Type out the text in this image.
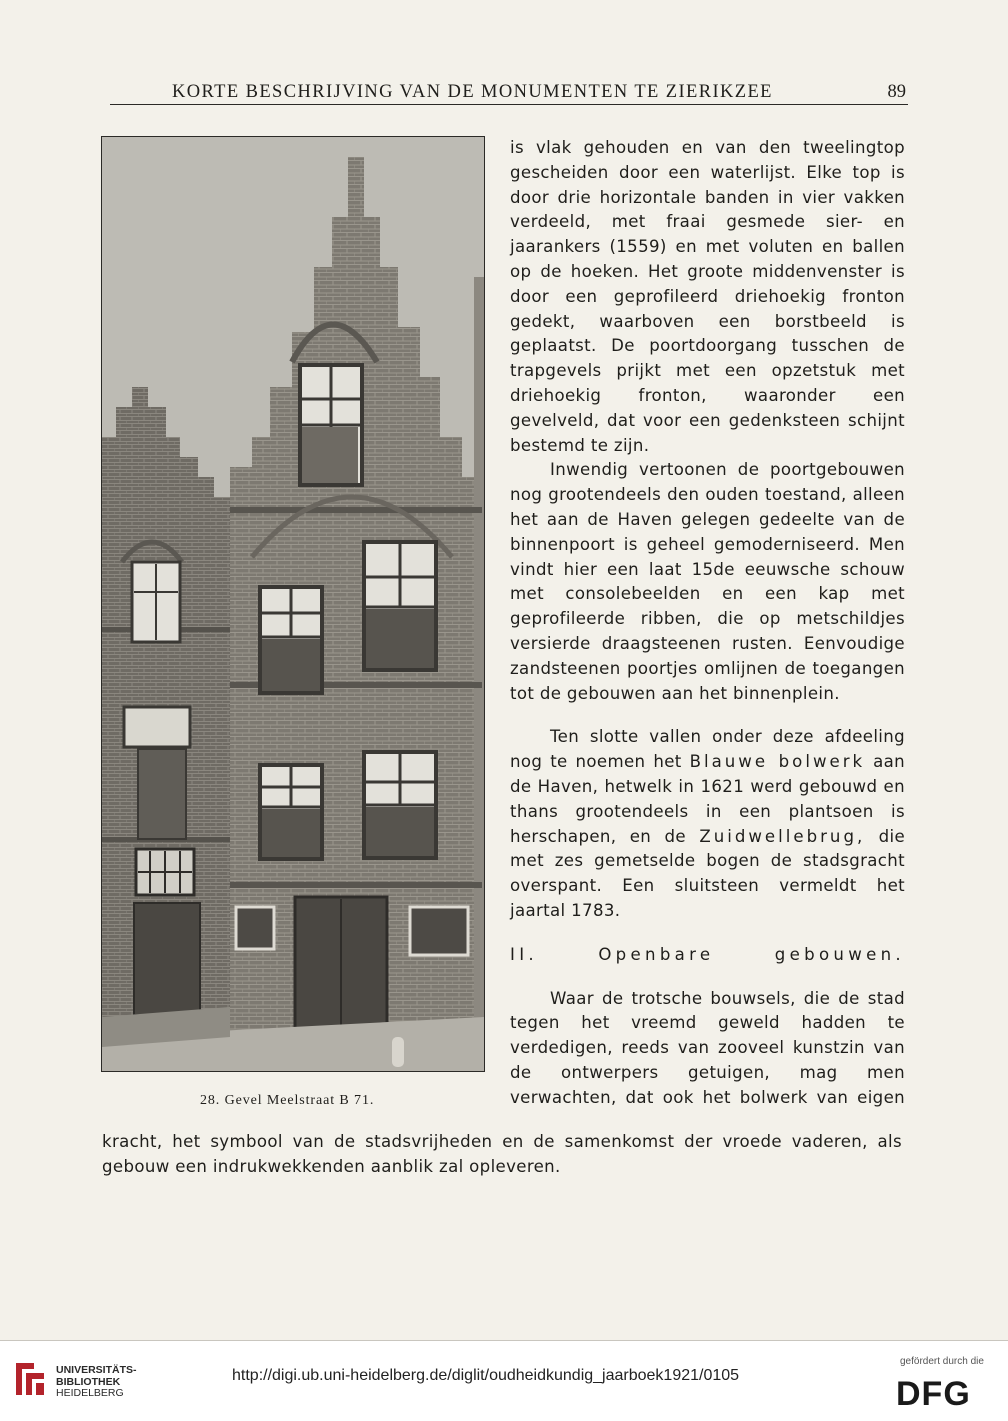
KORTE BESCHRIJVING VAN DE MONUMENTEN TE ZIERIKZEE	89
28. Gevel Meelstraat B 71.

is vlak gehouden en van den tweelingtop gescheiden door een waterlijst. Elke top is door drie horizontale banden in vier vakken verdeeld, met fraai gesmede sier- en jaarankers (1559) en met voluten en ballen op de hoeken. Het groote middenvenster is door een geprofileerd driehoekig fronton gedekt, waarboven een borstbeeld is geplaatst. De poortdoorgang tusschen de trapgevels prijkt met een opzetstuk met driehoekig fronton, waaronder een gevelveld, dat voor een gedenksteen schijnt bestemd te zijn.

Inwendig vertoonen de poortgebouwen nog grootendeels den ouden toestand, alleen het aan de Haven gelegen gedeelte van de binnenpoort is geheel gemoderniseerd. Men vindt hier een laat 15de eeuwsche schouw met consolebeelden en een kap met geprofileerde ribben, die op metschildjes versierde draagsteenen rusten. Eenvoudige zandsteenen poortjes omlijnen de toegangen tot de gebouwen aan het binnenplein.

Ten slotte vallen onder deze afdeeling nog te noemen het Blauwe bolwerk aan de Haven, hetwelk in 1621 werd gebouwd en thans grootendeels in een plantsoen is herschapen, en de Zuidwellebrug, die met zes gemetselde bogen de stadsgracht overspant. Een sluitsteen vermeldt het jaartal 1783.

II. Openbare gebouwen.

Waar de trotsche bouwsels, die de stad tegen het vreemd geweld hadden te verdedigen, reeds van zooveel kunstzin van de ontwerpers getuigen, mag men verwachten, dat ook het bolwerk van eigen

kracht, het symbool van de stadsvrijheden en de samenkomst der vroede vaderen, als gebouw een indrukwekkenden aanblik zal opleveren.

UNIVERSITÄTS-
BIBLIOTHEK
HEIDELBERG
http://digi.ub.uni-heidelberg.de/diglit/oudheidkundig_jaarboek1921/0105
gefördert durch die
DFG
